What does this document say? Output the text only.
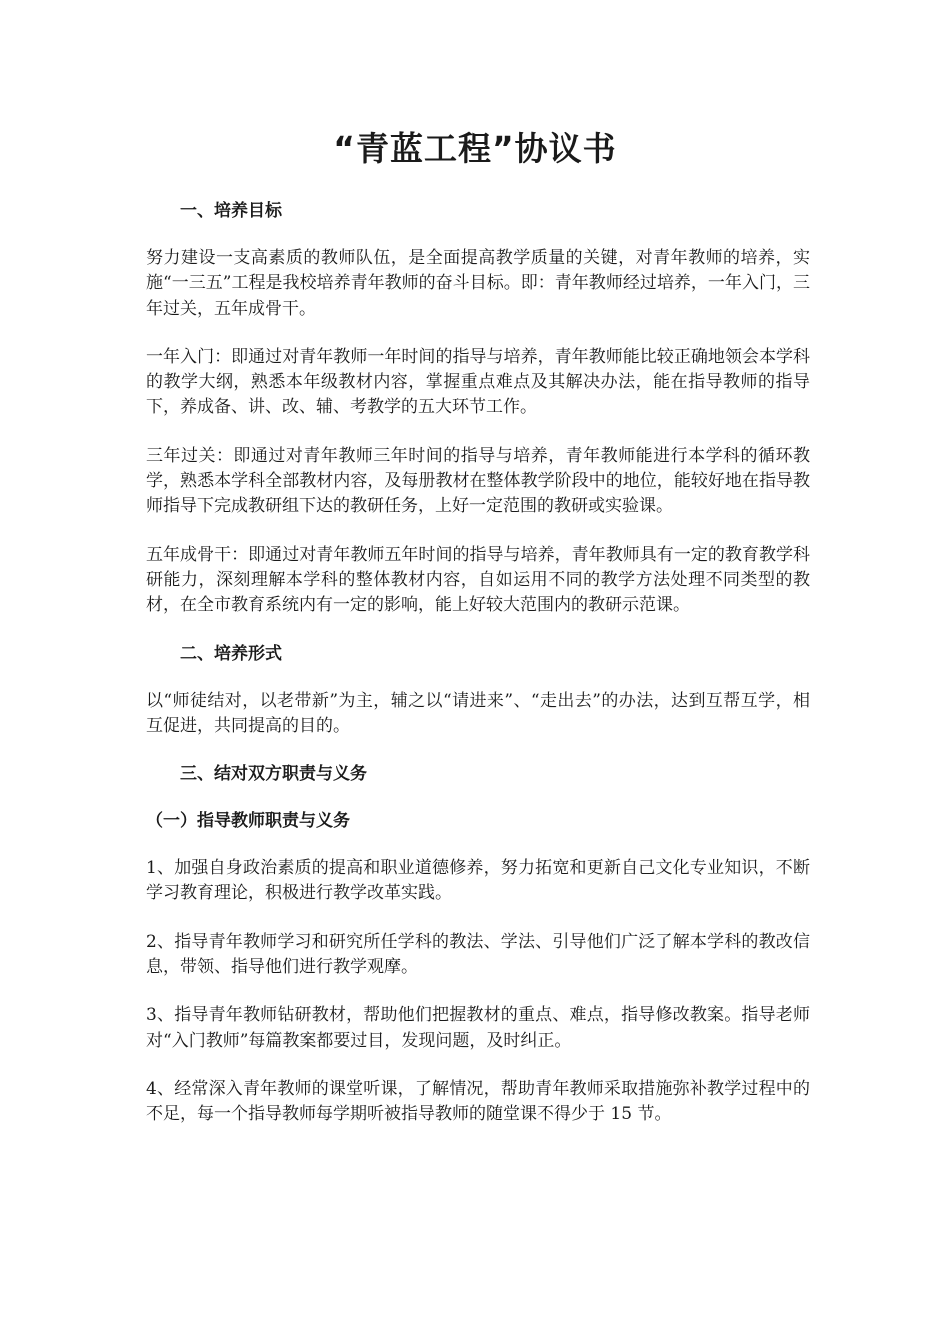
“青蓝工程”协议书

一、培养目标

努力建设一支高素质的教师队伍，是全面提高教学质量的关键，对青年教师的培养，实施“一三五”工程是我校培养青年教师的奋斗目标。即：青年教师经过培养，一年入门，三年过关，五年成骨干。

一年入门：即通过对青年教师一年时间的指导与培养，青年教师能比较正确地领会本学科的教学大纲，熟悉本年级教材内容，掌握重点难点及其解决办法，能在指导教师的指导下，养成备、讲、改、辅、考教学的五大环节工作。

三年过关：即通过对青年教师三年时间的指导与培养，青年教师能进行本学科的循环教学，熟悉本学科全部教材内容，及每册教材在整体教学阶段中的地位，能较好地在指导教师指导下完成教研组下达的教研任务，上好一定范围的教研或实验课。

五年成骨干：即通过对青年教师五年时间的指导与培养，青年教师具有一定的教育教学科研能力，深刻理解本学科的整体教材内容，自如运用不同的教学方法处理不同类型的教材，在全市教育系统内有一定的影响，能上好较大范围内的教研示范课。

二、培养形式

以“师徒结对，以老带新”为主，辅之以“请进来”、“走出去”的办法，达到互帮互学，相互促进，共同提高的目的。

三、结对双方职责与义务

（一）指导教师职责与义务

1、加强自身政治素质的提高和职业道德修养，努力拓宽和更新自己文化专业知识，不断学习教育理论，积极进行教学改革实践。

2、指导青年教师学习和研究所任学科的教法、学法、引导他们广泛了解本学科的教改信息，带领、指导他们进行教学观摩。

3、指导青年教师钻研教材，帮助他们把握教材的重点、难点，指导修改教案。指导老师对“入门教师”每篇教案都要过目，发现问题，及时纠正。

4、经常深入青年教师的课堂听课，了解情况，帮助青年教师采取措施弥补教学过程中的不足，每一个指导教师每学期听被指导教师的随堂课不得少于 15 节。
